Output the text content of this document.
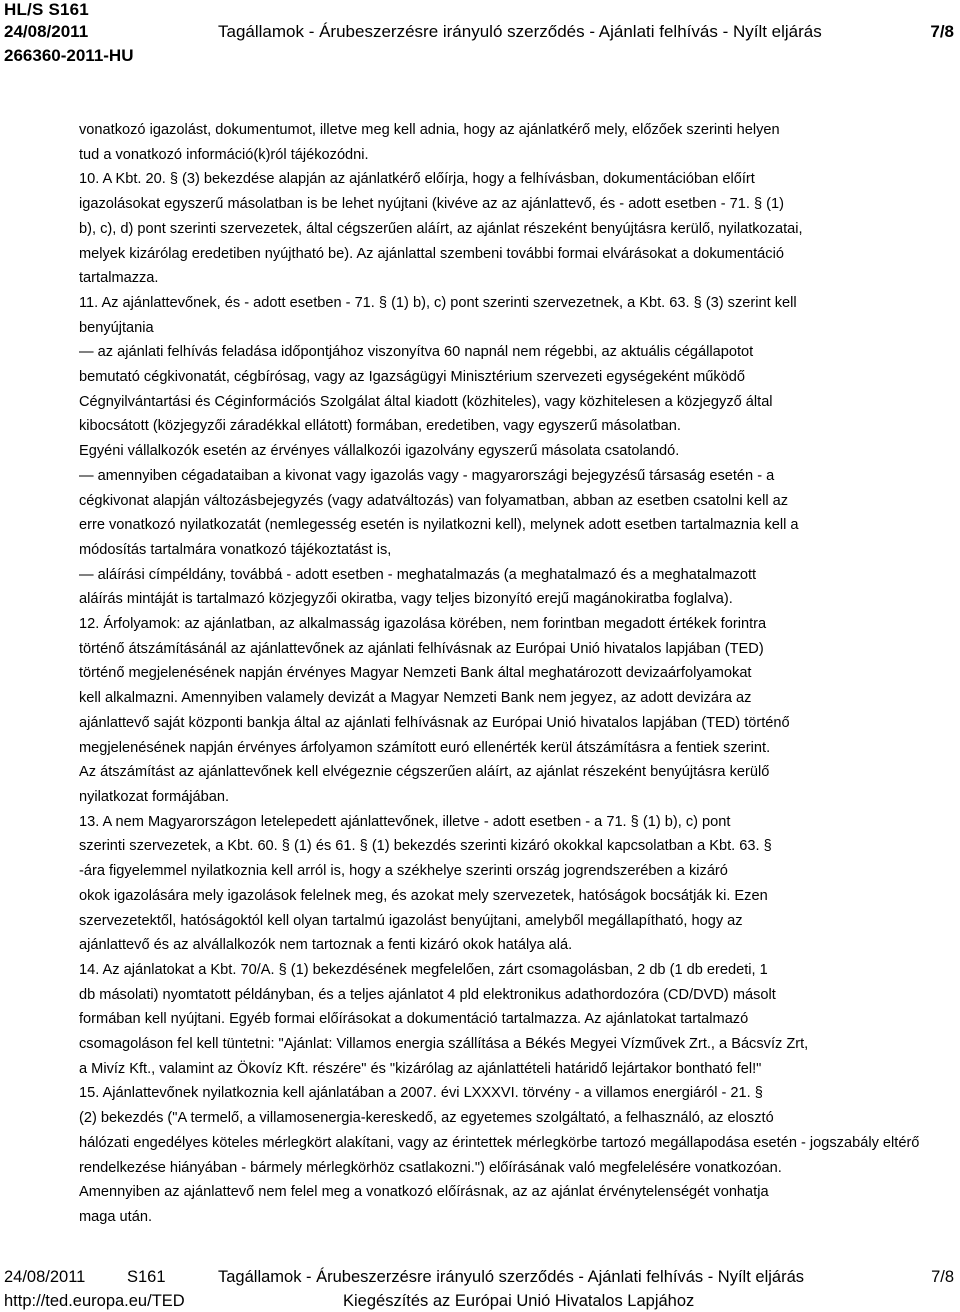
HL/S S161
24/08/2011	Tagállamok - Árubeszerzésre irányuló szerződés - Ajánlati felhívás - Nyílt eljárás	7/8
266360-2011-HU

vonatkozó igazolást, dokumentumot, illetve meg kell adnia, hogy az ajánlatkérő mely, előzőek szerinti helyen

tud a vonatkozó információ(k)ról tájékozódni.

10. A Kbt. 20. § (3) bekezdése alapján az ajánlatkérő előírja, hogy a felhívásban, dokumentációban előírt

igazolásokat egyszerű másolatban is be lehet nyújtani (kivéve az az ajánlattevő, és - adott esetben - 71. § (1)

b), c), d) pont szerinti szervezetek, által cégszerűen aláírt, az ajánlat részeként benyújtásra kerülő, nyilatkozatai,

melyek kizárólag eredetiben nyújtható be). Az ajánlattal szembeni további formai elvárásokat a dokumentáció

tartalmazza.

11. Az ajánlattevőnek, és - adott esetben - 71. § (1) b), c) pont szerinti szervezetnek, a Kbt. 63. § (3) szerint kell

benyújtania

— az ajánlati felhívás feladása időpontjához viszonyítva 60 napnál nem régebbi, az aktuális cégállapotot

bemutató cégkivonatát, cégbírósag, vagy az Igazságügyi Minisztérium szervezeti egységeként működő

Cégnyilvántartási és Céginformációs Szolgálat által kiadott (közhiteles), vagy közhitelesen a közjegyző által

kibocsátott (közjegyzői záradékkal ellátott) formában, eredetiben, vagy egyszerű másolatban.

Egyéni vállalkozók esetén az érvényes vállalkozói igazolvány egyszerű másolata csatolandó.

— amennyiben cégadataiban a kivonat vagy igazolás vagy - magyarországi bejegyzésű társaság esetén - a

cégkivonat alapján változásbejegyzés (vagy adatváltozás) van folyamatban, abban az esetben csatolni kell az

erre vonatkozó nyilatkozatát (nemlegesség esetén is nyilatkozni kell), melynek adott esetben tartalmaznia kell a

módosítás tartalmára vonatkozó tájékoztatást is,

— aláírási címpéldány, továbbá - adott esetben - meghatalmazás (a meghatalmazó és a meghatalmazott

aláírás mintáját is tartalmazó közjegyzői okiratba, vagy teljes bizonyító erejű magánokiratba foglalva).

12. Árfolyamok: az ajánlatban, az alkalmasság igazolása körében, nem forintban megadott értékek forintra

történő átszámításánál az ajánlattevőnek az ajánlati felhívásnak az Európai Unió hivatalos lapjában (TED)

történő megjelenésének napján érvényes Magyar Nemzeti Bank által meghatározott devizaárfolyamokat

kell alkalmazni. Amennyiben valamely devizát a Magyar Nemzeti Bank nem jegyez, az adott devizára az

ajánlattevő saját központi bankja által az ajánlati felhívásnak az Európai Unió hivatalos lapjában (TED) történő

megjelenésének napján érvényes árfolyamon számított euró ellenérték kerül átszámításra a fentiek szerint.

Az átszámítást az ajánlattevőnek kell elvégeznie cégszerűen aláírt, az ajánlat részeként benyújtásra kerülő

nyilatkozat formájában.

13. A nem Magyarországon letelepedett ajánlattevőnek, illetve - adott esetben - a 71. § (1) b), c) pont

szerinti szervezetek, a Kbt. 60. § (1) és 61. § (1) bekezdés szerinti kizáró okokkal kapcsolatban a Kbt. 63. §

-ára figyelemmel nyilatkoznia kell arról is, hogy a székhelye szerinti ország jogrendszerében a kizáró

okok igazolására mely igazolások felelnek meg, és azokat mely szervezetek, hatóságok bocsátják ki. Ezen

szervezetektől, hatóságoktól kell olyan tartalmú igazolást benyújtani, amelyből megállapítható, hogy az

ajánlattevő és az alvállalkozók nem tartoznak a fenti kizáró okok hatálya alá.

14. Az ajánlatokat a Kbt. 70/A. § (1) bekezdésének megfelelően, zárt csomagolásban, 2 db (1 db eredeti, 1

db másolati) nyomtatott példányban, és a teljes ajánlatot 4 pld elektronikus adathordozóra (CD/DVD) másolt

formában kell nyújtani. Egyéb formai előírásokat a dokumentáció tartalmazza. Az ajánlatokat tartalmazó

csomagoláson fel kell tüntetni: "Ajánlat: Villamos energia szállítása a Békés Megyei Vízművek Zrt., a Bácsvíz Zrt,

a Mivíz Kft., valamint az Ökovíz Kft. részére" és "kizárólag az ajánlattételi határidő lejártakor bontható fel!"

15. Ajánlattevőnek nyilatkoznia kell ajánlatában a 2007. évi LXXXVI. törvény - a villamos energiáról - 21. §

(2) bekezdés ("A termelő, a villamosenergia-kereskedő, az egyetemes szolgáltató, a felhasználó, az elosztó

hálózati engedélyes köteles mérlegkört alakítani, vagy az érintettek mérlegkörbe tartozó megállapodása esetén - jogszabály eltérő

rendelkezése hiányában - bármely mérlegkörhöz csatlakozni.") előírásának való megfelelésére vonatkozóan.

Amennyiben az ajánlattevő nem felel meg a vonatkozó előírásnak, az az ajánlat érvénytelenségét vonhatja

maga után.

24/08/2011	S161	Tagállamok - Árubeszerzésre irányuló szerződés - Ajánlati felhívás - Nyílt eljárás	7/8
http://ted.europa.eu/TED	Kiegészítés az Európai Unió Hivatalos Lapjához
